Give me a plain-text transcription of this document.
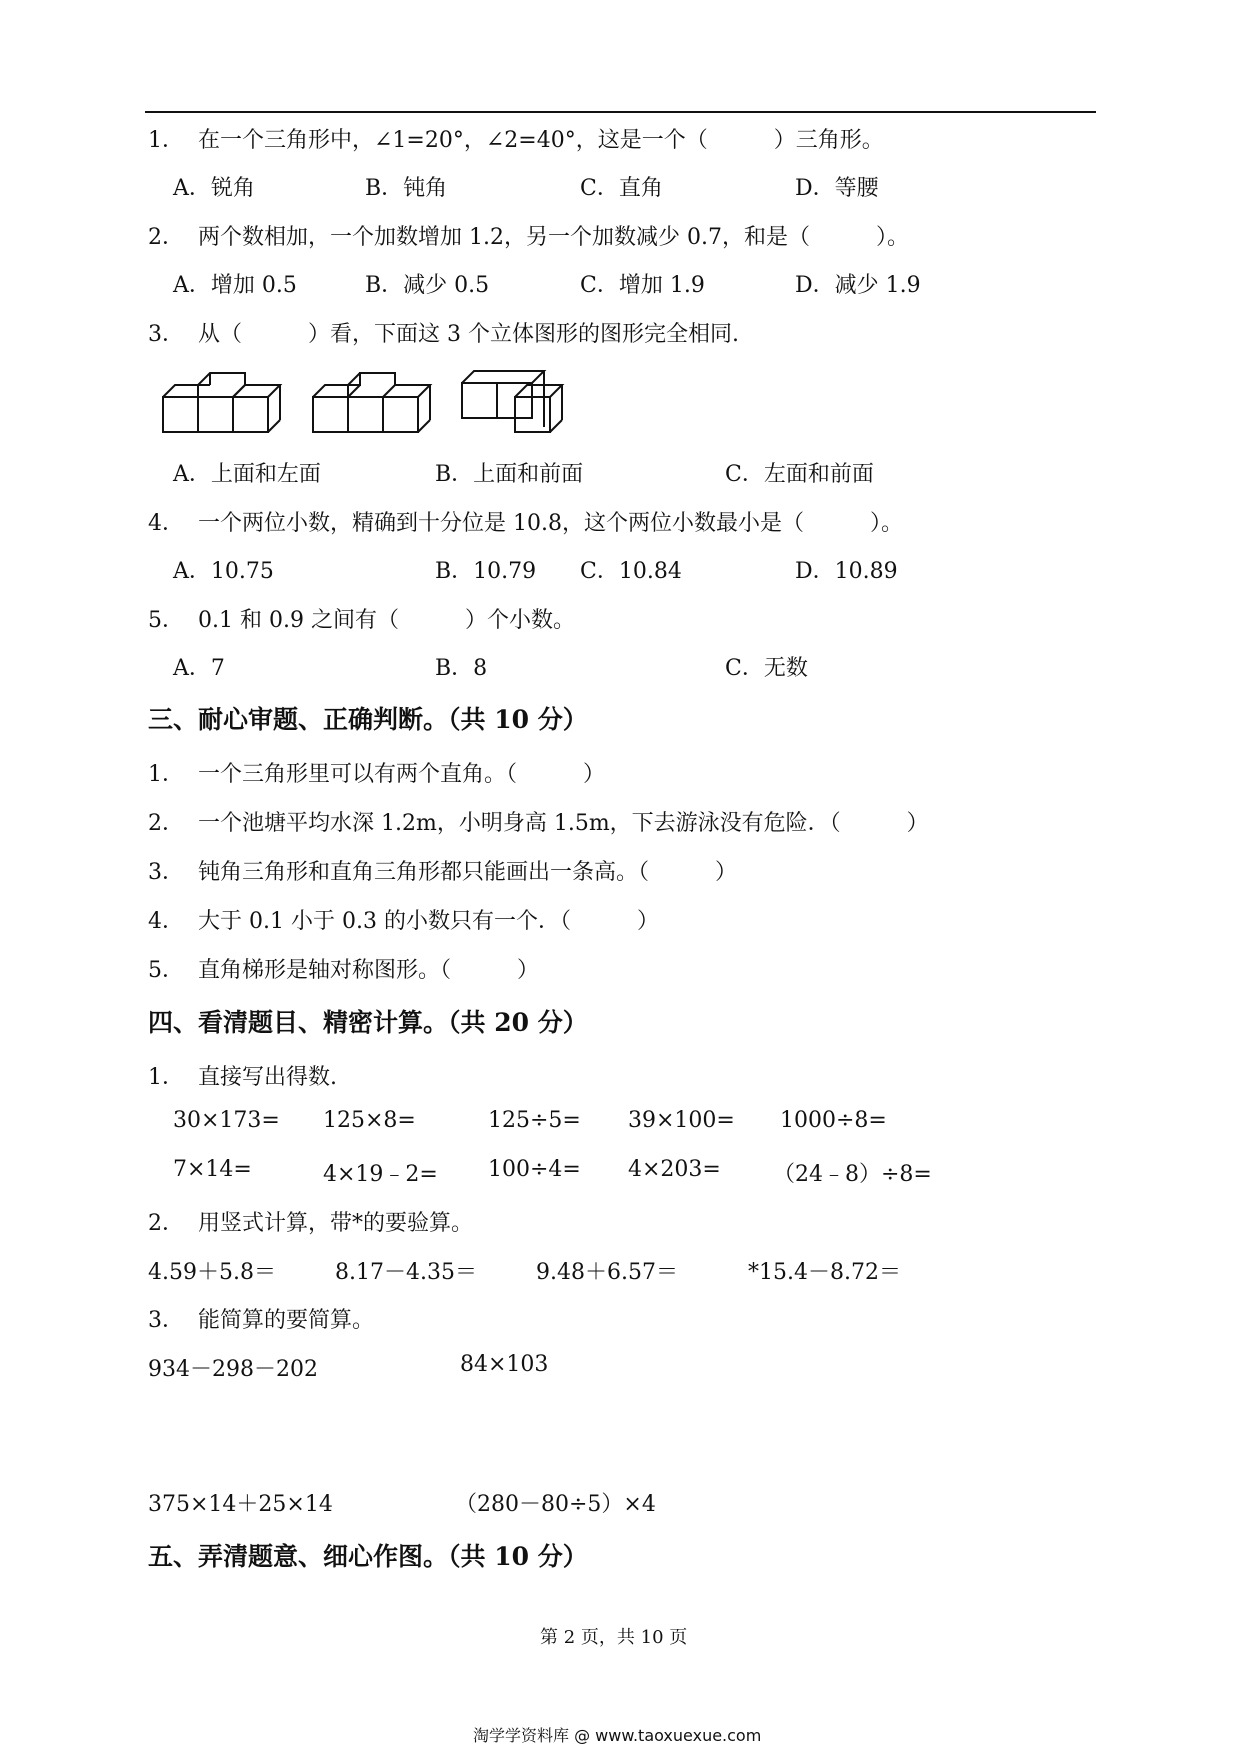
1． 在一个三角形中，∠1=20°，∠2=40°，这是一个（　　　）三角形。
A．锐角	B．钝角	C．直角	D．等腰
2． 两个数相加，一个加数增加 1.2，另一个加数减少 0.7，和是（　　　）。
A．增加 0.5	B．减少 0.5	C．增加 1.9	D．减少 1.9
3． 从（　　　）看，下面这 3 个立体图形的图形完全相同.
A．上面和左面	B．上面和前面	C．左面和前面
4． 一个两位小数，精确到十分位是 10.8，这个两位小数最小是（　　　）。
A．10.75	B．10.79 C．10.84	D．10.89
5． 0.1 和 0.9 之间有（　　　）个小数。
A．7	B．8	C．无数
三、耐心审题、正确判断。（共 10 分）
1． 一个三角形里可以有两个直角。（　　　）
2． 一个池塘平均水深 1.2m，小明身高 1.5m，下去游泳没有危险．（　　　）
3． 钝角三角形和直角三角形都只能画出一条高。（　　　）
4． 大于 0.1 小于 0.3 的小数只有一个．（　　　）
5． 直角梯形是轴对称图形。（　　　）
四、看清题目、精密计算。（共 20 分）
1． 直接写出得数.
30×173= 125×8=	125÷5= 39×100= 1000÷8=
7×14=	4×19﹣2= 100÷4= 4×203= （24﹣8）÷8=
2． 用竖式计算，带*的要验算。
4.59＋5.8＝	8.17－4.35＝	9.48＋6.57＝	*15.4－8.72＝
3． 能简算的要简算。
934－298－202	84×103
375×14＋25×14	（280－80÷5）×4
五、弄清题意、细心作图。（共 10 分）
第 2 页，共 10 页
淘学学资料库 @ www.taoxuexue.com
